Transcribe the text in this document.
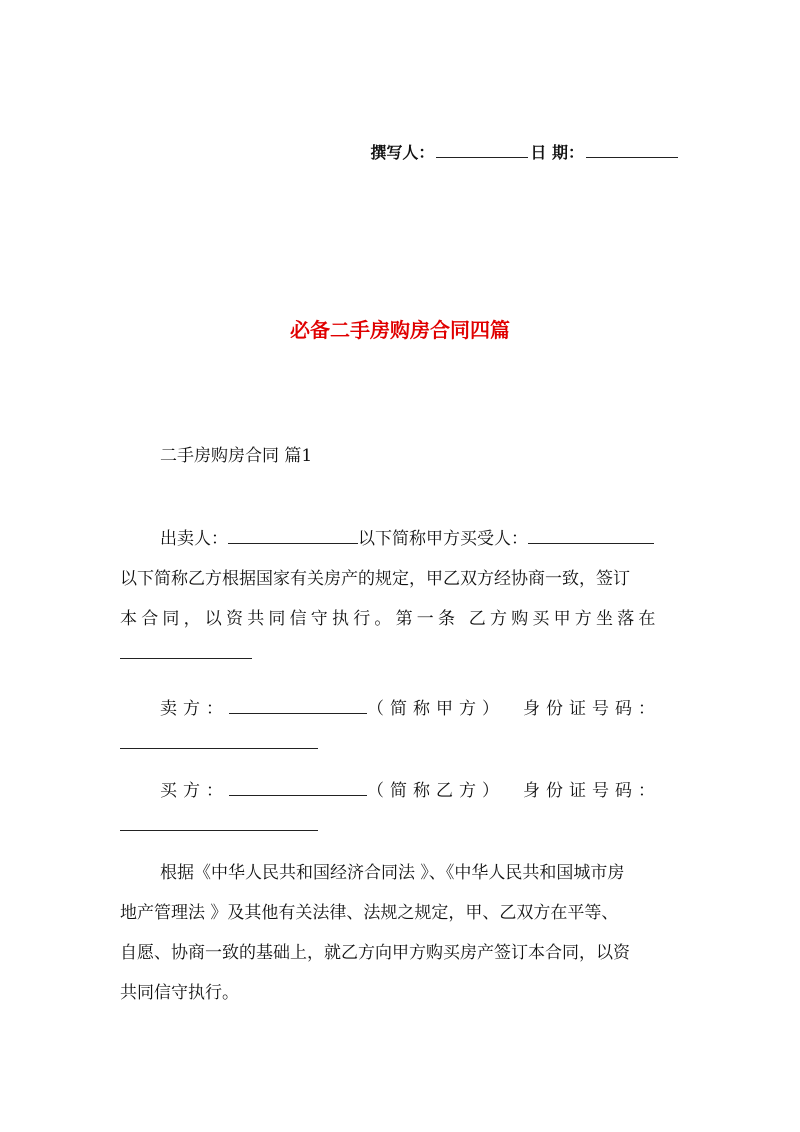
撰写人：	日 期：
必备二手房购房合同四篇
二手房购房合同 篇1
出卖人：	以下简称甲方买受人：
以下简称乙方根据国家有关房产的规定，甲乙双方经协商一致，签订
本合同，以资共同信守执行。第一条 乙方购买甲方坐落在
卖方：	（简称甲方） 身份证号码：
买方：	（简称乙方） 身份证号码：
根据《中华人民共和国经济合同法 》、《中华人民共和国城市房
地产管理法 》及其他有关法律、法规之规定，甲、乙双方在平等、
自愿、协商一致的基础上，就乙方向甲方购买房产签订本合同，以资
共同信守执行。
